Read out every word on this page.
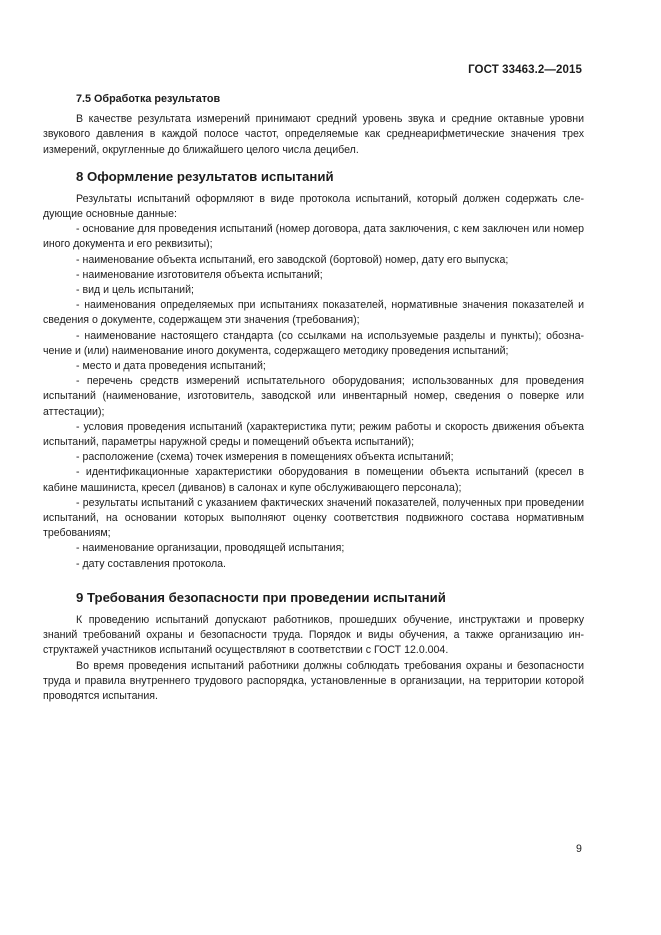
ГОСТ 33463.2—2015
7.5 Обработка результатов

В качестве результата измерений принимают средний уровень звука и средние октавные уровни звукового давления в каждой полосе частот, определяемые как среднеарифметические значения трех измерений, округленные до ближайшего целого числа децибел.

8 Оформление результатов испытаний

Результаты испытаний оформляют в виде протокола испытаний, который должен содержать следующие основные данные:

- основание для проведения испытаний (номер договора, дата заключения, с кем заключен или номер иного документа и его реквизиты);
- наименование объекта испытаний, его заводской (бортовой) номер, дату его выпуска;
- наименование изготовителя объекта испытаний;
- вид и цель испытаний;
- наименования определяемых при испытаниях показателей, нормативные значения показателей и сведения о документе, содержащем эти значения (требования);
- наименование настоящего стандарта (со ссылками на используемые разделы и пункты); обозначение и (или) наименование иного документа, содержащего методику проведения испытаний;
- место и дата проведения испытаний;
- перечень средств измерений испытательного оборудования; использованных для проведения испытаний (наименование, изготовитель, заводской или инвентарный номер, сведения о поверке или аттестации);
- условия проведения испытаний (характеристика пути; режим работы и скорость движения объекта испытаний, параметры наружной среды и помещений объекта испытаний);
- расположение (схема) точек измерения в помещениях объекта испытаний;
- идентификационные характеристики оборудования в помещении объекта испытаний (кресел в кабине машиниста, кресел (диванов) в салонах и купе обслуживающего персонала);
- результаты испытаний с указанием фактических значений показателей, полученных при проведении испытаний, на основании которых выполняют оценку соответствия подвижного состава нормативным требованиям;
- наименование организации, проводящей испытания;
- дату составления протокола.
9 Требования безопасности при проведении испытаний

К проведению испытаний допускают работников, прошедших обучение, инструктажи и проверку знаний требований охраны и безопасности труда. Порядок и виды обучения, а также организацию инструктажей участников испытаний осуществляют в соответствии с ГОСТ 12.0.004.

Во время проведения испытаний работники должны соблюдать требования охраны и безопасности труда и правила внутреннего трудового распорядка, установленные в организации, на территории которой проводятся испытания.

9
